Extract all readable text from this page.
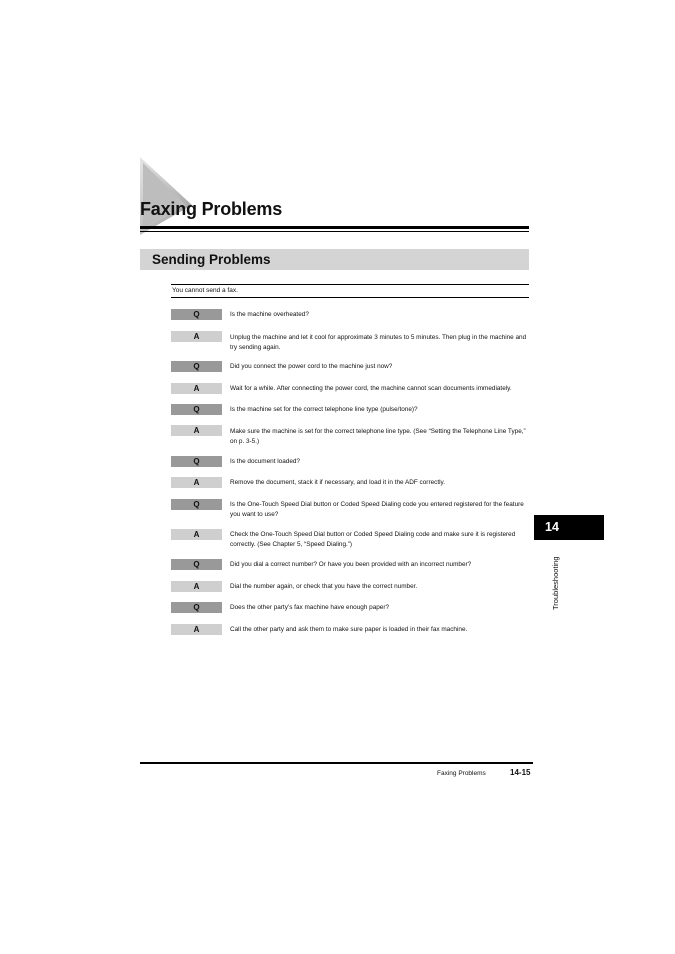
Faxing Problems
Sending Problems
You cannot send a fax.
Q	Is the machine overheated?
A	Unplug the machine and let it cool for approximate 3 minutes to 5 minutes. Then plug in the machine and try sending again.
Q	Did you connect the power cord to the machine just now?
A	Wait for a while. After connecting the power cord, the machine cannot scan documents immediately.
Q	Is the machine set for the correct telephone line type (pulse/tone)?
A	Make sure the machine is set for the correct telephone line type. (See “Setting the Telephone Line Type,” on p. 3-5.)
Q	Is the document loaded?
A	Remove the document, stack it if necessary, and load it in the ADF correctly.
Q	Is the One-Touch Speed Dial button or Coded Speed Dialing code you entered registered for the feature you want to use?
A	Check the One-Touch Speed Dial button or Coded Speed Dialing code and make sure it is registered correctly. (See Chapter 5, “Speed Dialing.”)
Q	Did you dial a correct number? Or have you been provided with an incorrect number?
A	Dial the number again, or check that you have the correct number.
Q	Does the other party’s fax machine have enough paper?
A	Call the other party and ask them to make sure paper is loaded in their fax machine.
14
Troubleshooting
Faxing Problems	14-15
